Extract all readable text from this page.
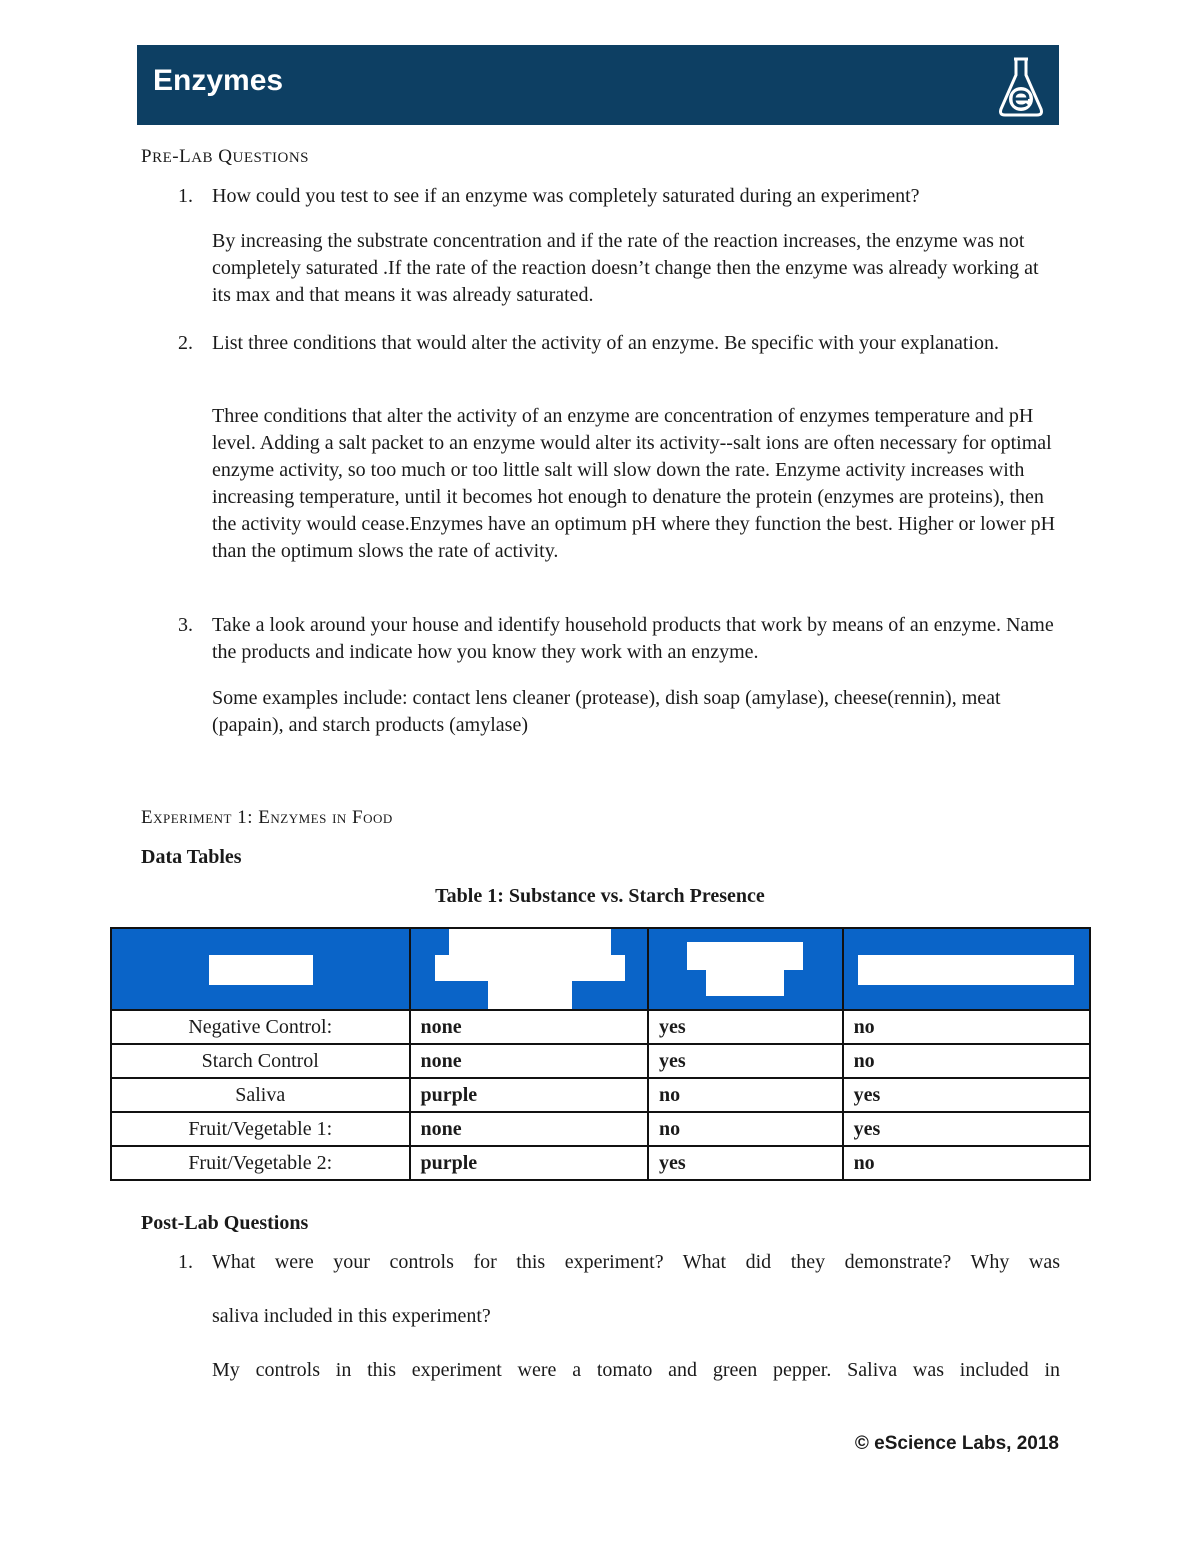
Enzymes
PRE-LAB QUESTIONS
1. How could you test to see if an enzyme was completely saturated during an experiment?
By increasing the substrate concentration and if the rate of the reaction increases, the enzyme was not completely saturated .If the rate of the reaction doesn’t change then the enzyme was already working at its max and that means it was already saturated.
2. List three conditions that would alter the activity of an enzyme. Be specific with your explanation.
Three conditions that alter the activity of an enzyme are concentration of enzymes temperature and pH level. Adding a salt packet to an enzyme would alter its activity--salt ions are often necessary for optimal enzyme activity, so too much or too little salt will slow down the rate. Enzyme activity increases with increasing temperature, until it becomes hot enough to denature the protein (enzymes are proteins), then the activity would cease.Enzymes have an optimum pH where they function the best. Higher or lower pH than the optimum slows the rate of activity.
3. Take a look around your house and identify household products that work by means of an enzyme. Name the products and indicate how you know they work with an enzyme.
Some examples include: contact lens cleaner (protease), dish soap (amylase), cheese(rennin), meat (papain), and starch products (amylase)
Experiment 1: Enzymes in Food
Data Tables
Table 1: Substance vs. Starch Presence

Negative Control:	none	yes	no
Starch Control	none	yes	no
Saliva	purple	no	yes
Fruit/Vegetable 1:	none	no	yes
Fruit/Vegetable 2:	purple	yes	no
Post-Lab Questions
1. What were your controls for this experiment? What did they demonstrate? Why was
saliva included in this experiment?
My controls in this experiment were a tomato and green pepper. Saliva was included in
© eScience Labs, 2018
